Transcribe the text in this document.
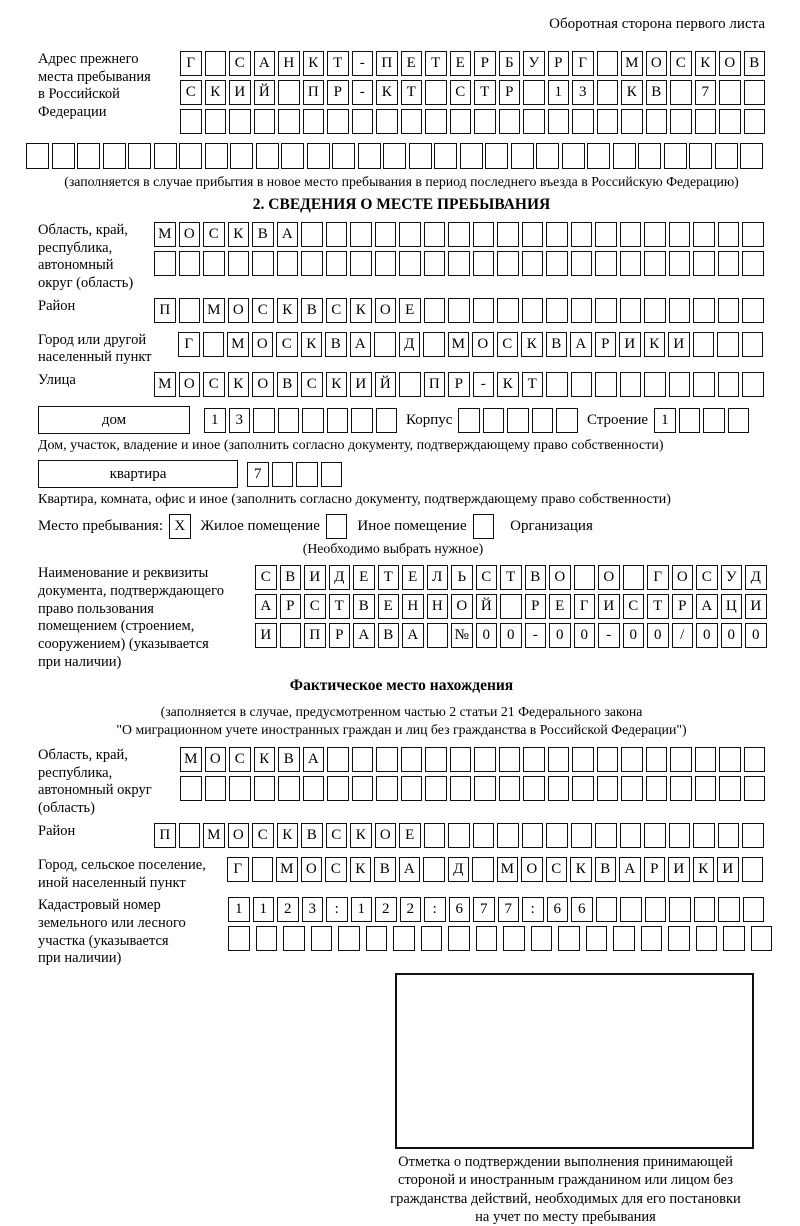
Оборотная сторона первого листа
Адрес прежнего
места пребывания
в Российской
Федерации
Г	С А Н К Т	-	П Е	Т	Е	Р	Б У	Р	Г	М О С К О В
С К И Й	П Р	-	К Т	С Т	Р	1	3	К В	7
(заполняется в случае прибытия в новое место пребывания в период последнего въезда в Российскую Федерацию)
2. СВЕДЕНИЯ О МЕСТЕ ПРЕБЫВАНИЯ
Область, край,
республика,
автономный
округ (область)
М О С К В А
Район	П	М О С К В С К О Е
Город или другой
населенный пункт
Г	М О С К В А	Д	М О С К В А Р И К И
Улица	М О С К О В С К И Й	П Р	-	К Т
дом	1	3	Корпус	Строение 1
Дом, участок, владение и иное (заполнить согласно документу, подтверждающему право собственности)
квартира	7
Квартира, комната, офис и иное (заполнить согласно документу, подтверждающему право собственности)
Место пребывания: X	Жилое помещение	Иное помещение	Организация
(Необходимо выбрать нужное)
Наименование и реквизиты
документа, подтверждающего
право пользования
помещением (строением,
сооружением) (указывается
при наличии)
С В И Д Е	Т	Е Л	Ь	С Т В О	О	Г О С У Д
А Р	С Т В Е Н Н О Й	Р	Е	Г И С Т	Р А Ц И
И	П Р А В А	№ 0	0	-	0	0	-	0	0	/	0	0	0
Фактическое место нахождения
(заполняется в случае, предусмотренном частью 2 статьи 21 Федерального закона
"О миграционном учете иностранных граждан и лиц без гражданства в Российской Федерации")
Область, край,
республика,
автономный округ
(область)
М О С К В А
Район	П	М О С К В С К О Е
Город, сельское поселение,
иной населенный пункт
Г	М О С К В А	Д	М О С К В А Р И К И
Кадастровый номер
земельного или лесного
участка (указывается
при наличии)
1	1	2	3	:	1	2	2	:	6	7	7	:	6	6
Отметка о подтверждении выполнения принимающей
стороной и иностранным гражданином или лицом без
гражданства действий, необходимых для его постановки
на учет по месту пребывания
